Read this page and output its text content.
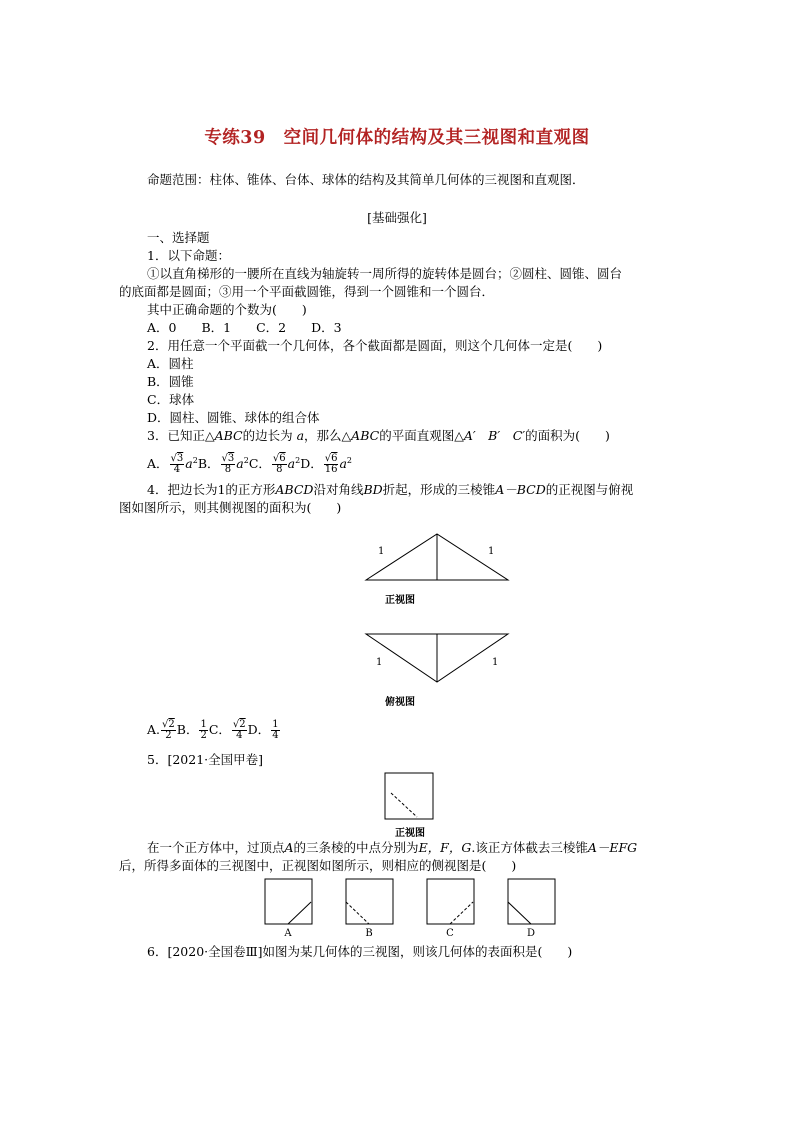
专练39　空间几何体的结构及其三视图和直观图
命题范围：柱体、锥体、台体、球体的结构及其简单几何体的三视图和直观图．
[基础强化]
一、选择题
1．以下命题：
①以直角梯形的一腰所在直线为轴旋转一周所得的旋转体是圆台；②圆柱、圆锥、圆台
的底面都是圆面；③用一个平面截圆锥，得到一个圆锥和一个圆台．
其中正确命题的个数为(　　)
A．0　　B．1　　C．2　　D．3
2．用任意一个平面截一个几何体，各个截面都是圆面，则这个几何体一定是(　　)
A．圆柱
B．圆锥
C．球体
D．圆柱、圆锥、球体的组合体
3．已知正△ABC的边长为 a，那么△ABC的平面直观图△A′　B′　C′的面积为(　　)
A． $\frac{√3}{4} a^2B$． $\frac{√3}{8} a^2C$． $\frac{√6}{8} a^2D$． $\frac{√6}{16} a^2$
4．把边长为1的正方形ABCD沿对角线BD折起，形成的三棱锥A－BCD的正视图与俯视
图如图所示，则其侧视图的面积为(　　)
1	1
正视图
1	1
俯视图
A. $\frac{√2}{2}$ B． $\frac{1}{2}$ C． $\frac{√2}{4}$ D． $\frac{1}{4}$
5．[2021·全国甲卷]
正视图
在一个正方体中，过顶点A的三条棱的中点分别为E，F，G.该正方体截去三棱锥A－EFG
后，所得多面体的三视图中，正视图如图所示，则相应的侧视图是(　　)
A	B	C	D
6．[2020·全国卷Ⅲ]如图为某几何体的三视图，则该几何体的表面积是(　　)
